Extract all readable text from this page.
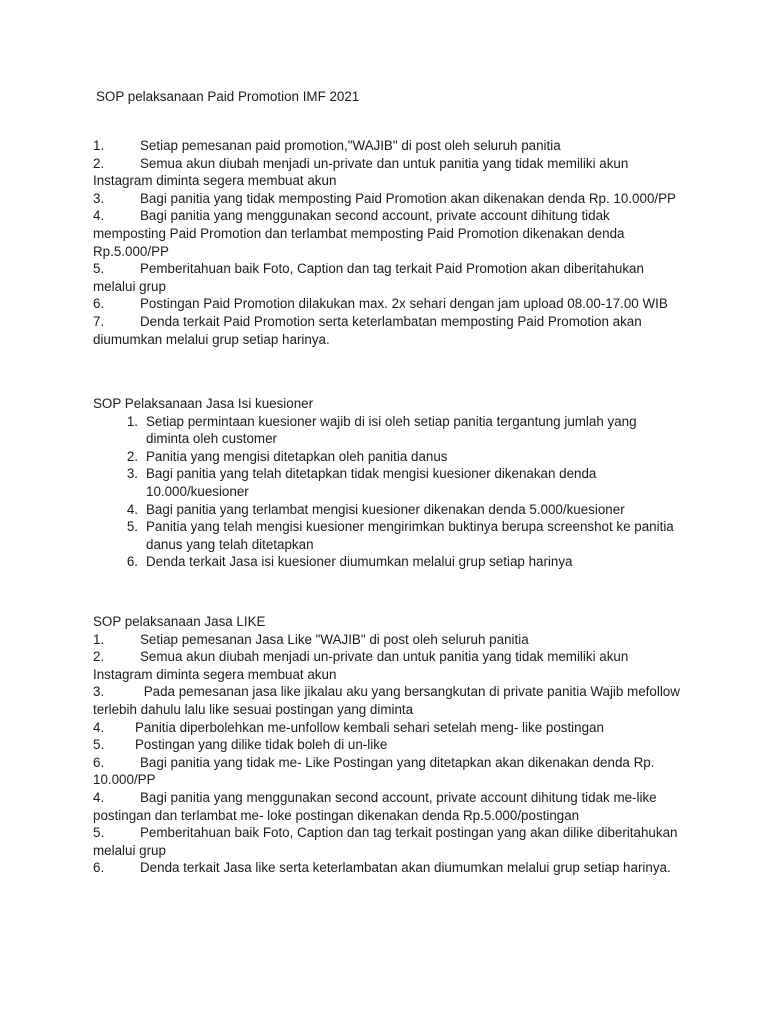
SOP pelaksanaan Paid Promotion IMF 2021
1.	Setiap pemesanan paid promotion,"WAJIB" di post oleh seluruh panitia
2.	Semua akun diubah menjadi un-private dan untuk panitia yang tidak memiliki akun Instagram diminta segera membuat akun
3.	Bagi panitia yang tidak memposting Paid Promotion akan dikenakan denda Rp. 10.000/PP
4.	Bagi panitia yang menggunakan second account, private account dihitung tidak memposting Paid Promotion dan terlambat memposting Paid Promotion dikenakan denda Rp.5.000/PP
5.	Pemberitahuan baik Foto, Caption dan tag terkait Paid Promotion akan diberitahukan melalui grup
6.	Postingan Paid Promotion dilakukan max. 2x sehari dengan jam upload 08.00-17.00 WIB
7.	Denda terkait Paid Promotion serta keterlambatan memposting Paid Promotion akan diumumkan melalui grup setiap harinya.
SOP Pelaksanaan Jasa Isi kuesioner
1. Setiap permintaan kuesioner wajib di isi oleh setiap panitia tergantung jumlah yang diminta oleh customer
2. Panitia yang mengisi ditetapkan oleh panitia danus
3. Bagi panitia yang telah ditetapkan tidak mengisi kuesioner dikenakan denda 10.000/kuesioner
4. Bagi panitia yang terlambat mengisi kuesioner dikenakan denda 5.000/kuesioner
5. Panitia yang telah mengisi kuesioner mengirimkan buktinya berupa screenshot ke panitia danus yang telah ditetapkan
6. Denda terkait Jasa isi kuesioner diumumkan melalui grup setiap harinya
SOP pelaksanaan Jasa LIKE
1.	Setiap pemesanan Jasa Like "WAJIB" di post oleh seluruh panitia
2.	Semua akun diubah menjadi un-private dan untuk panitia yang tidak memiliki akun Instagram diminta segera membuat akun
3.	Pada pemesanan jasa like jikalau aku yang bersangkutan di private panitia Wajib mefollow terlebih dahulu lalu like sesuai postingan yang diminta
4. Panitia diperbolehkan me-unfollow kembali sehari setelah meng- like postingan
5. Postingan yang dilike tidak boleh di un-like
6.	Bagi panitia yang tidak me- Like Postingan yang ditetapkan akan dikenakan denda Rp. 10.000/PP
4.	Bagi panitia yang menggunakan second account, private account dihitung tidak me-like postingan dan terlambat me- loke postingan dikenakan denda Rp.5.000/postingan
5.	Pemberitahuan baik Foto, Caption dan tag terkait postingan yang akan dilike diberitahukan melalui grup
6.	Denda terkait Jasa like serta keterlambatan akan diumumkan melalui grup setiap harinya.
